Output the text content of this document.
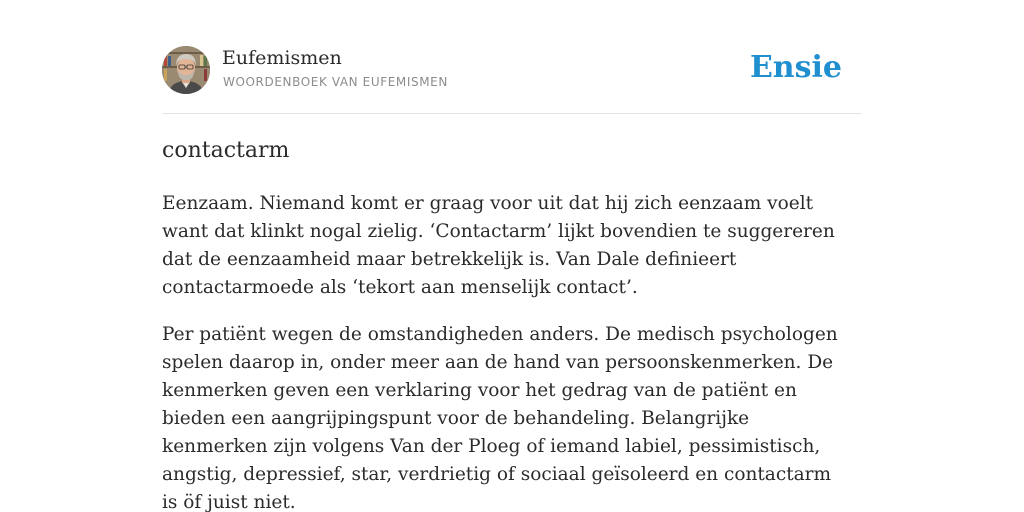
Eufemismen
WOORDENBOEK VAN EUFEMISMEN	Ensie
contactarm

Eenzaam. Niemand komt er graag voor uit dat hij zich eenzaam voelt want dat klinkt nogal zielig. ‘Contactarm’ lijkt bovendien te suggereren dat de eenzaamheid maar betrekkelijk is. Van Dale definieert contactarmoede als ‘tekort aan menselijk contact’.

Per patiënt wegen de omstandigheden anders. De medisch psychologen spelen daarop in, onder meer aan de hand van persoonskenmerken. De kenmerken geven een verklaring voor het gedrag van de patiënt en bieden een aangrijpingspunt voor de behandeling. Belangrijke kenmerken zijn volgens Van der Ploeg of iemand labiel, pessimistisch, angstig, depressief, star, verdrietig of sociaal geïsoleerd en contactarm is öf juist niet.
